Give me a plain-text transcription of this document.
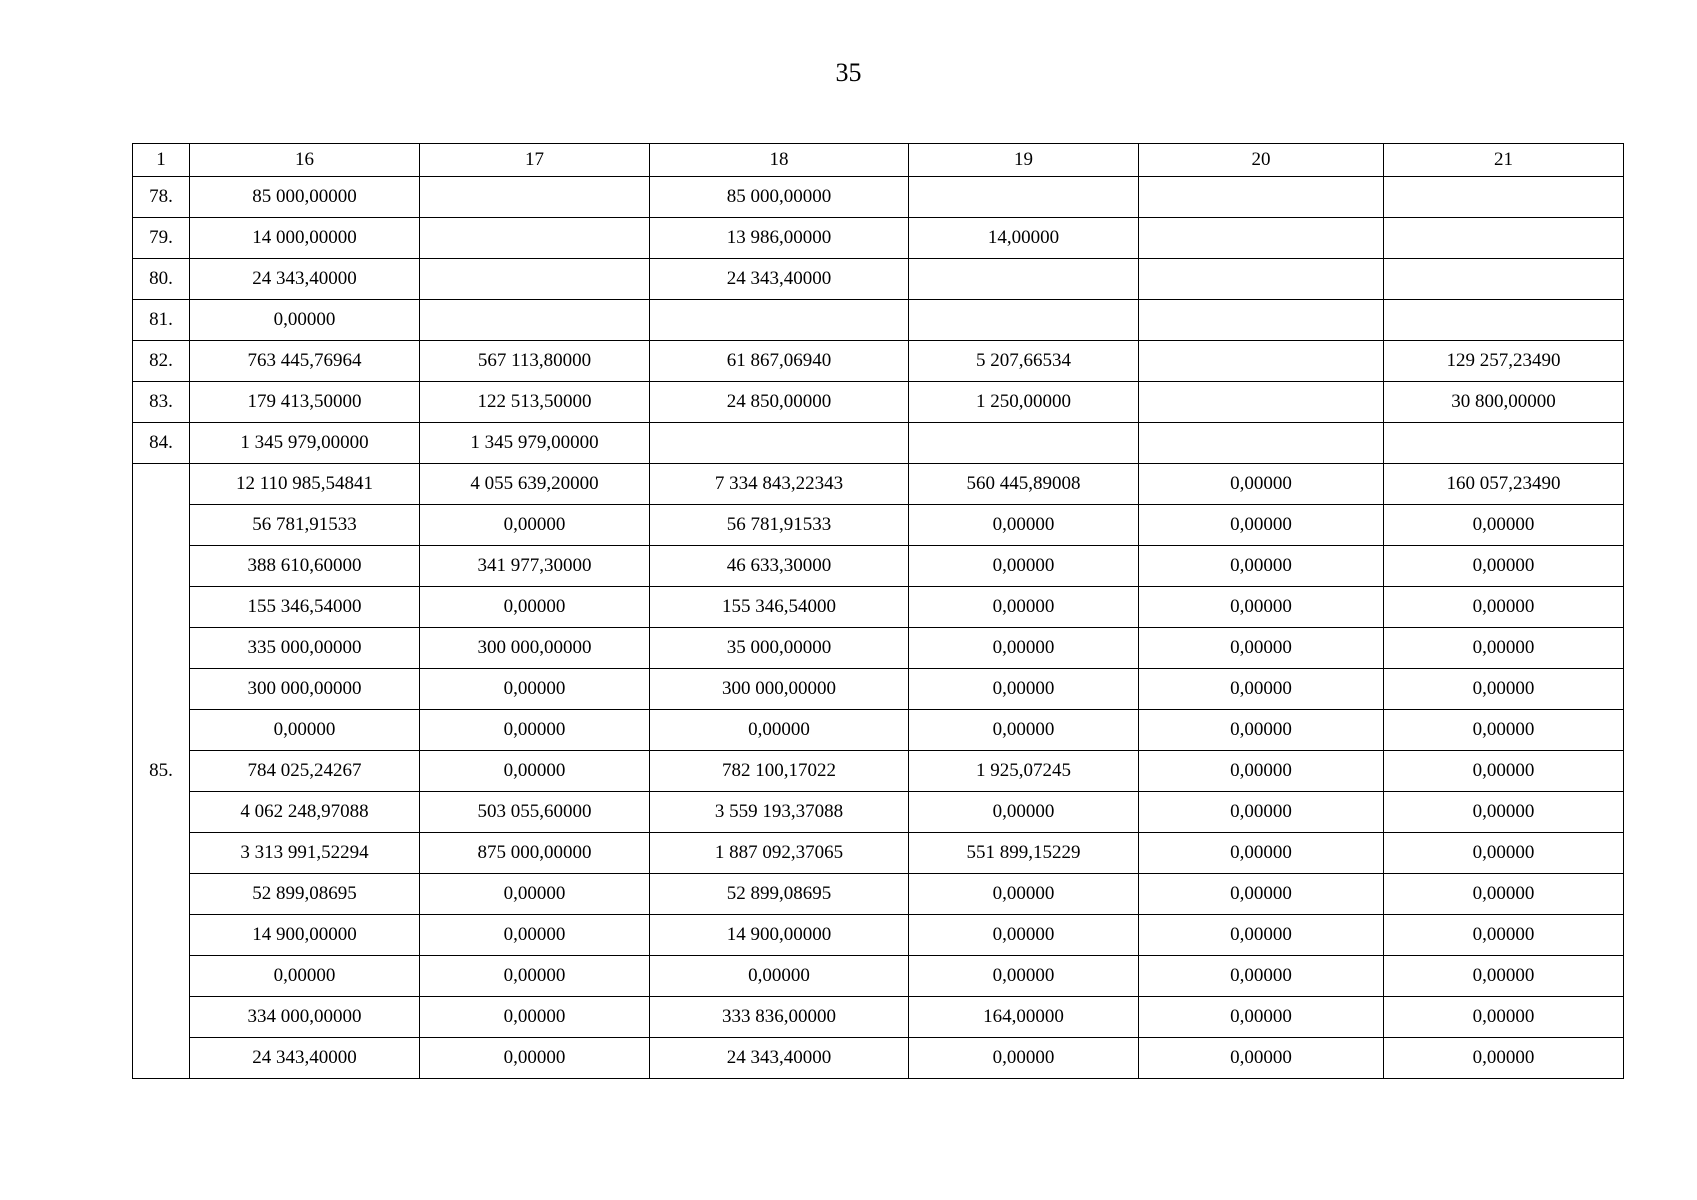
35
1	16	17	18	19	20	21
78.	85 000,00000		85 000,00000			
79.	14 000,00000		13 986,00000	14,00000		
80.	24 343,40000		24 343,40000			
81.	0,00000					
82.	763 445,76964	567 113,80000	61 867,06940	5 207,66534		129 257,23490
83.	179 413,50000	122 513,50000	24 850,00000	1 250,00000		30 800,00000
84.	1 345 979,00000	1 345 979,00000				
85.	12 110 985,54841	4 055 639,20000	7 334 843,22343	560 445,89008	0,00000	160 057,23490
	56 781,91533	0,00000	56 781,91533	0,00000	0,00000	0,00000
	388 610,60000	341 977,30000	46 633,30000	0,00000	0,00000	0,00000
	155 346,54000	0,00000	155 346,54000	0,00000	0,00000	0,00000
	335 000,00000	300 000,00000	35 000,00000	0,00000	0,00000	0,00000
	300 000,00000	0,00000	300 000,00000	0,00000	0,00000	0,00000
	0,00000	0,00000	0,00000	0,00000	0,00000	0,00000
	784 025,24267	0,00000	782 100,17022	1 925,07245	0,00000	0,00000
	4 062 248,97088	503 055,60000	3 559 193,37088	0,00000	0,00000	0,00000
	3 313 991,52294	875 000,00000	1 887 092,37065	551 899,15229	0,00000	0,00000
	52 899,08695	0,00000	52 899,08695	0,00000	0,00000	0,00000
	14 900,00000	0,00000	14 900,00000	0,00000	0,00000	0,00000
	0,00000	0,00000	0,00000	0,00000	0,00000	0,00000
	334 000,00000	0,00000	333 836,00000	164,00000	0,00000	0,00000
	24 343,40000	0,00000	24 343,40000	0,00000	0,00000	0,00000
